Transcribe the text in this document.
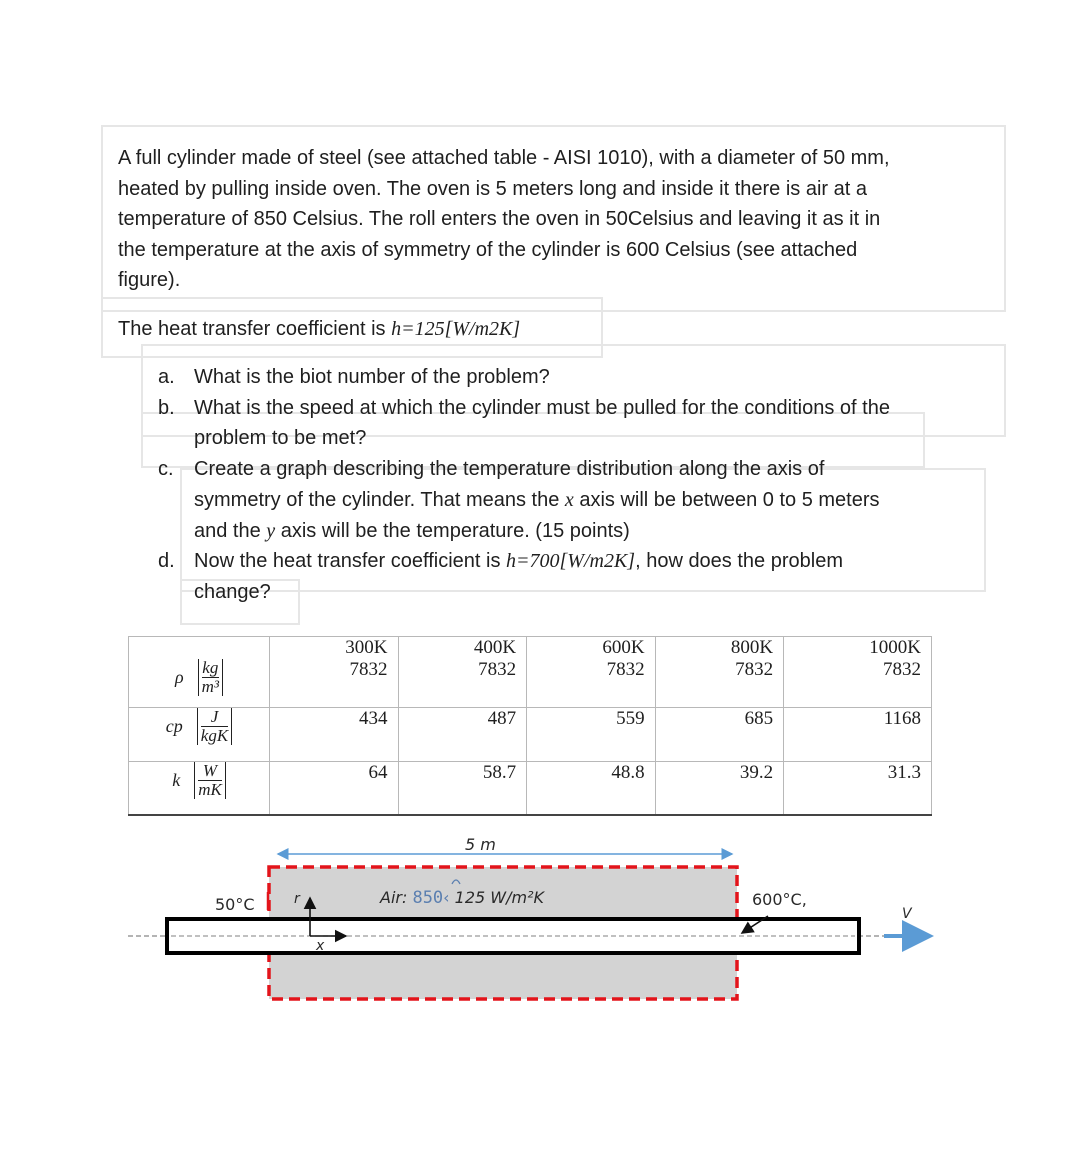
A full cylinder made of steel (see attached table - AISI 1010), with a diameter of 50 mm,
heated by pulling inside oven. The oven is 5 meters long and inside it there is air at a
temperature of 850 Celsius. The roll enters the oven in 50Celsius and leaving it as it in
the temperature at the axis of symmetry of the cylinder is 600 Celsius (see attached
figure).
The heat transfer coefficient is h=125[W/m2K]
a. What is the biot number of the problem?
b. What is the speed at which the cylinder must be pulled for the conditions of the
problem to be met?
c. Create a graph describing the temperature distribution along the axis of
symmetry of the cylinder. That means the x axis will be between 0 to 5 meters
and the y axis will be the temperature. (15 points)
d. Now the heat transfer coefficient is h=700[W/m2K], how does the problem
change?
	300K	400K	600K	800K	1000K
ρ $\frac{kg}{\text{m³}}$	7832	7832	7832	7832	7832
cp J
kgK	434	487	559	685	1168
k $\frac{W}{mK}$	64	58.7	48.8	39.2	31.3
5 m
Air: 850‹ 125 W/m²K
50°C	600°C,
r
x
V
